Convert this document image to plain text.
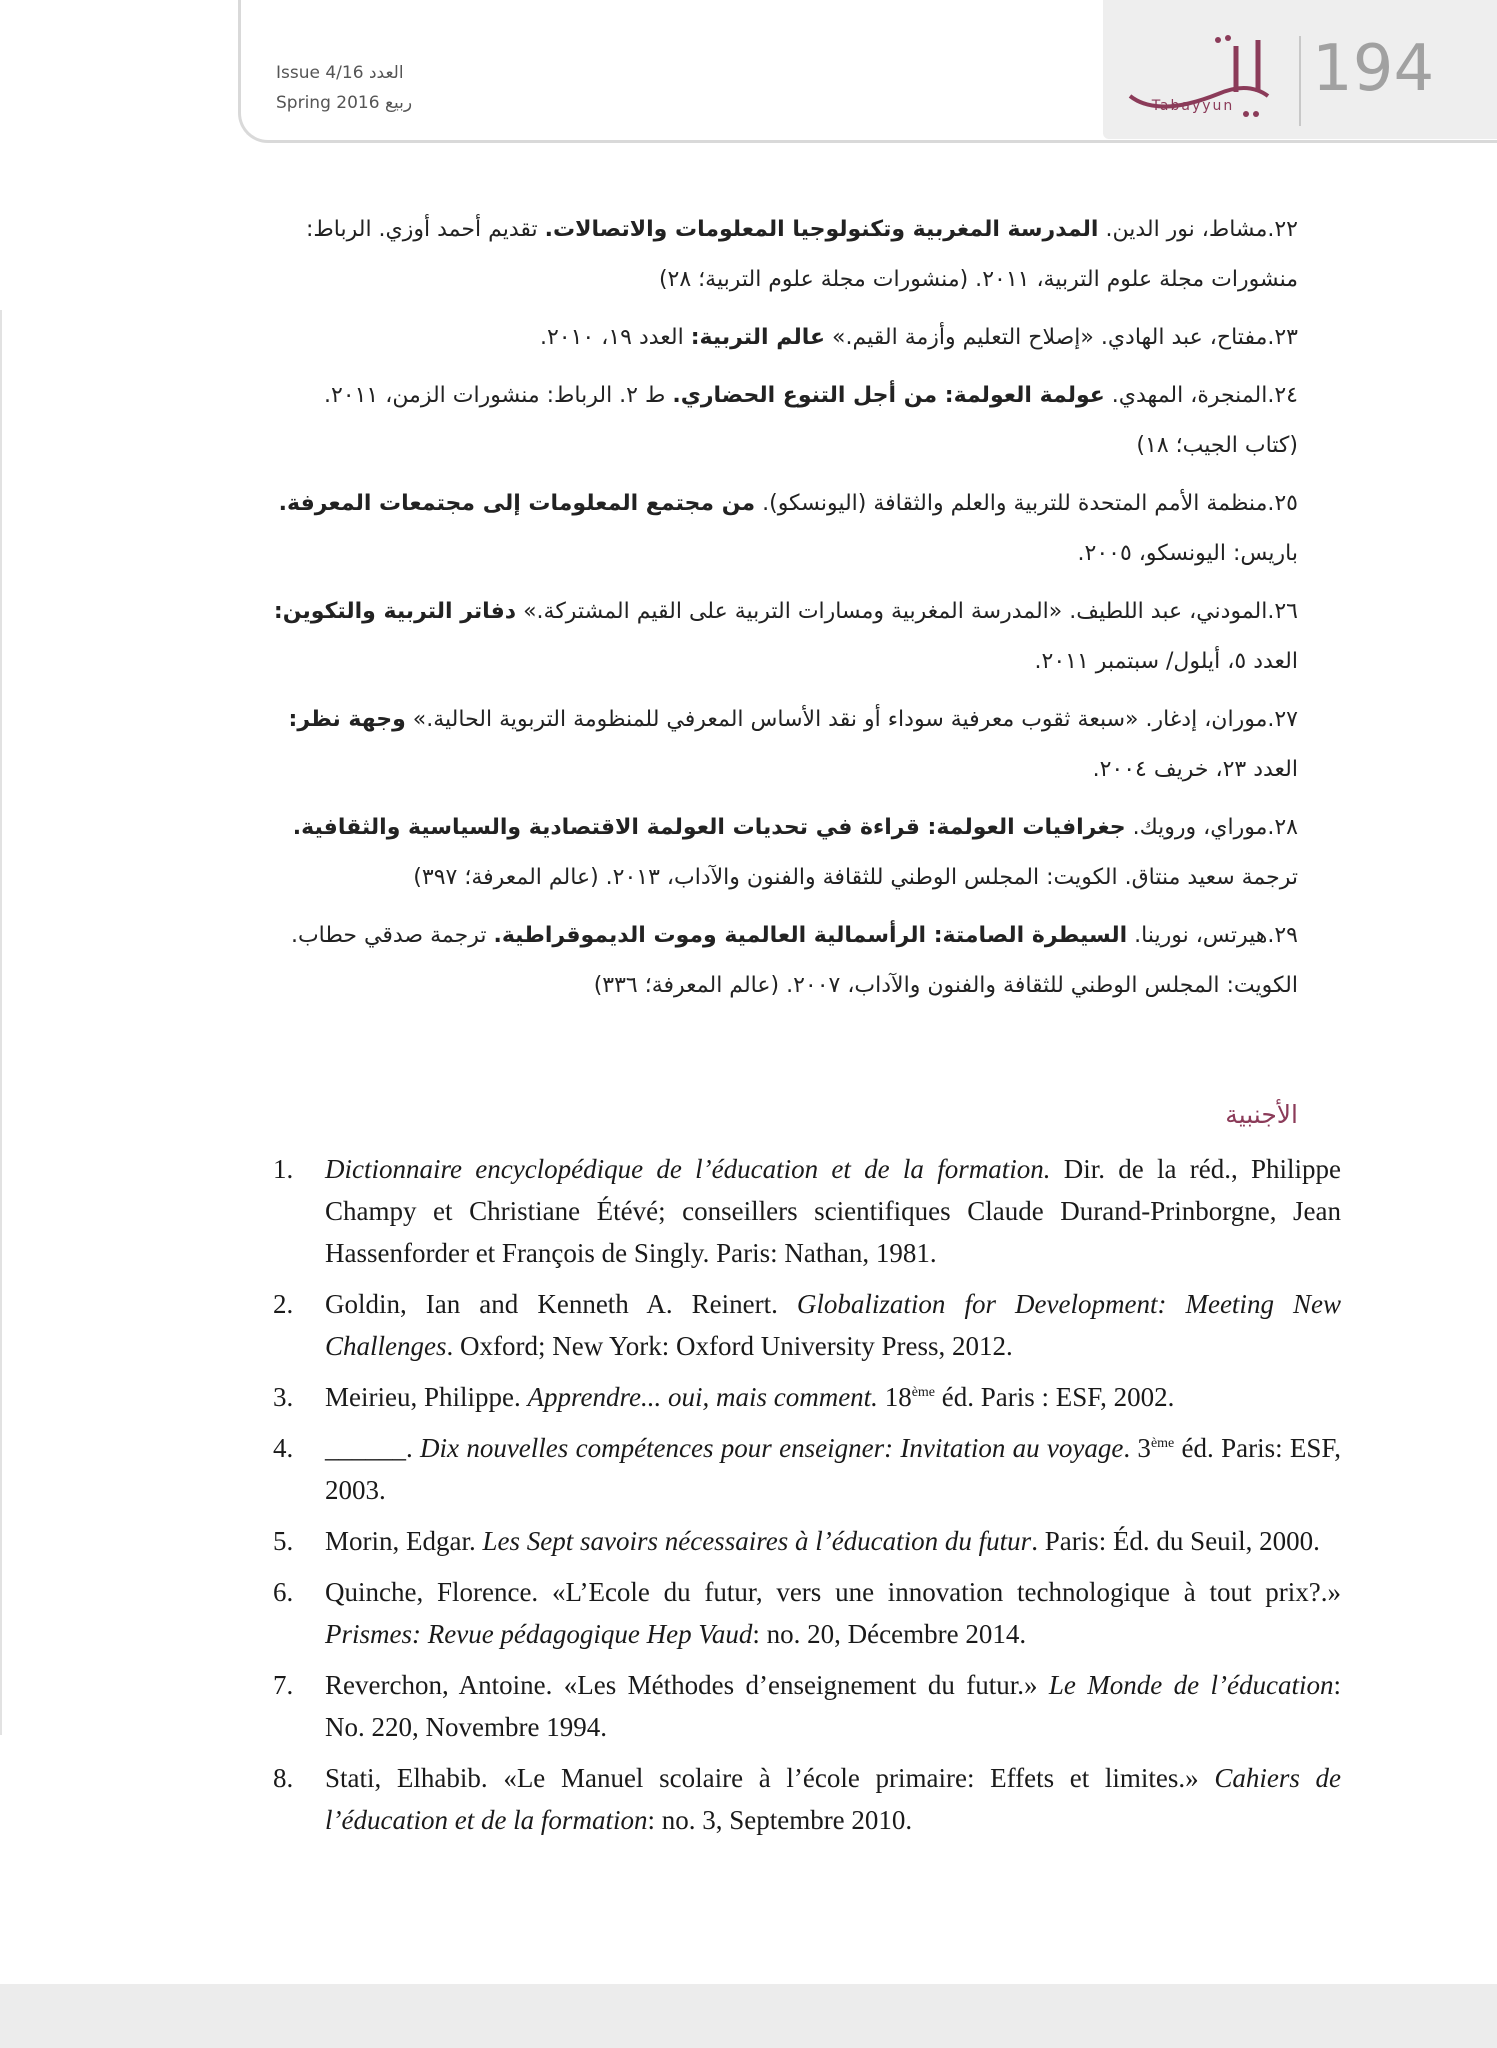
Tabayyun	194
Issue 4/16 العدد
Spring 2016 ربيع
٢٢.مشاط، نور الدين. المدرسة المغربية وتكنولوجيا المعلومات والاتصالات. تقديم أحمد أوزي. الرباط: منشورات مجلة علوم التربية، ٢٠١١. (منشورات مجلة علوم التربية؛ ٢٨)
٢٣.مفتاح، عبد الهادي. «إصلاح التعليم وأزمة القيم.» عالم التربية: العدد ١٩، ٢٠١٠.
٢٤.المنجرة، المهدي. عولمة العولمة: من أجل التنوع الحضاري. ط ٢. الرباط: منشورات الزمن، ٢٠١١. (كتاب الجيب؛ ١٨)
٢٥.منظمة الأمم المتحدة للتربية والعلم والثقافة (اليونسكو). من مجتمع المعلومات إلى مجتمعات المعرفة. باريس: اليونسكو، ٢٠٠٥.
٢٦.المودني، عبد اللطيف. «المدرسة المغربية ومسارات التربية على القيم المشتركة.» دفاتر التربية والتكوين: العدد ٥، أيلول/ سبتمبر ٢٠١١.
٢٧.موران، إدغار. «سبعة ثقوب معرفية سوداء أو نقد الأساس المعرفي للمنظومة التربوية الحالية.» وجهة نظر: العدد ٢٣، خريف ٢٠٠٤.
٢٨.موراي، ورويك. جغرافيات العولمة: قراءة في تحديات العولمة الاقتصادية والسياسية والثقافية. ترجمة سعيد منتاق. الكويت: المجلس الوطني للثقافة والفنون والآداب، ٢٠١٣. (عالم المعرفة؛ ٣٩٧)
٢٩.هيرتس، نورينا. السيطرة الصامتة: الرأسمالية العالمية وموت الديموقراطية. ترجمة صدقي حطاب. الكويت: المجلس الوطني للثقافة والفنون والآداب، ٢٠٠٧. (عالم المعرفة؛ ٣٣٦)
الأجنبية
1.	Dictionnaire encyclopédique de l’éducation et de la formation. Dir. de la réd., Philippe Champy et Christiane Étévé; conseillers scientifiques Claude Durand-Prinborgne, Jean Hassenforder et François de Singly. Paris: Nathan, 1981.
2.	Goldin, Ian and Kenneth A. Reinert. Globalization for Development: Meeting New Challenges. Oxford; New York: Oxford University Press, 2012.
3.	Meirieu, Philippe. Apprendre... oui, mais comment. 18ème éd. Paris : ESF, 2002.
4.	______. Dix nouvelles compétences pour enseigner: Invitation au voyage. 3ème éd. Paris: ESF, 2003.
5.	Morin, Edgar. Les Sept savoirs nécessaires à l’éducation du futur. Paris: Éd. du Seuil, 2000.
6.	Quinche, Florence. «L’Ecole du futur, vers une innovation technologique à tout prix?.» Prismes: Revue pédagogique Hep Vaud: no. 20, Décembre 2014.
7.	Reverchon, Antoine. «Les Méthodes d’enseignement du futur.» Le Monde de l’éducation: No. 220, Novembre 1994.
8.	Stati, Elhabib. «Le Manuel scolaire à l’école primaire: Effets et limites.» Cahiers de l’éducation et de la formation: no. 3, Septembre 2010.
